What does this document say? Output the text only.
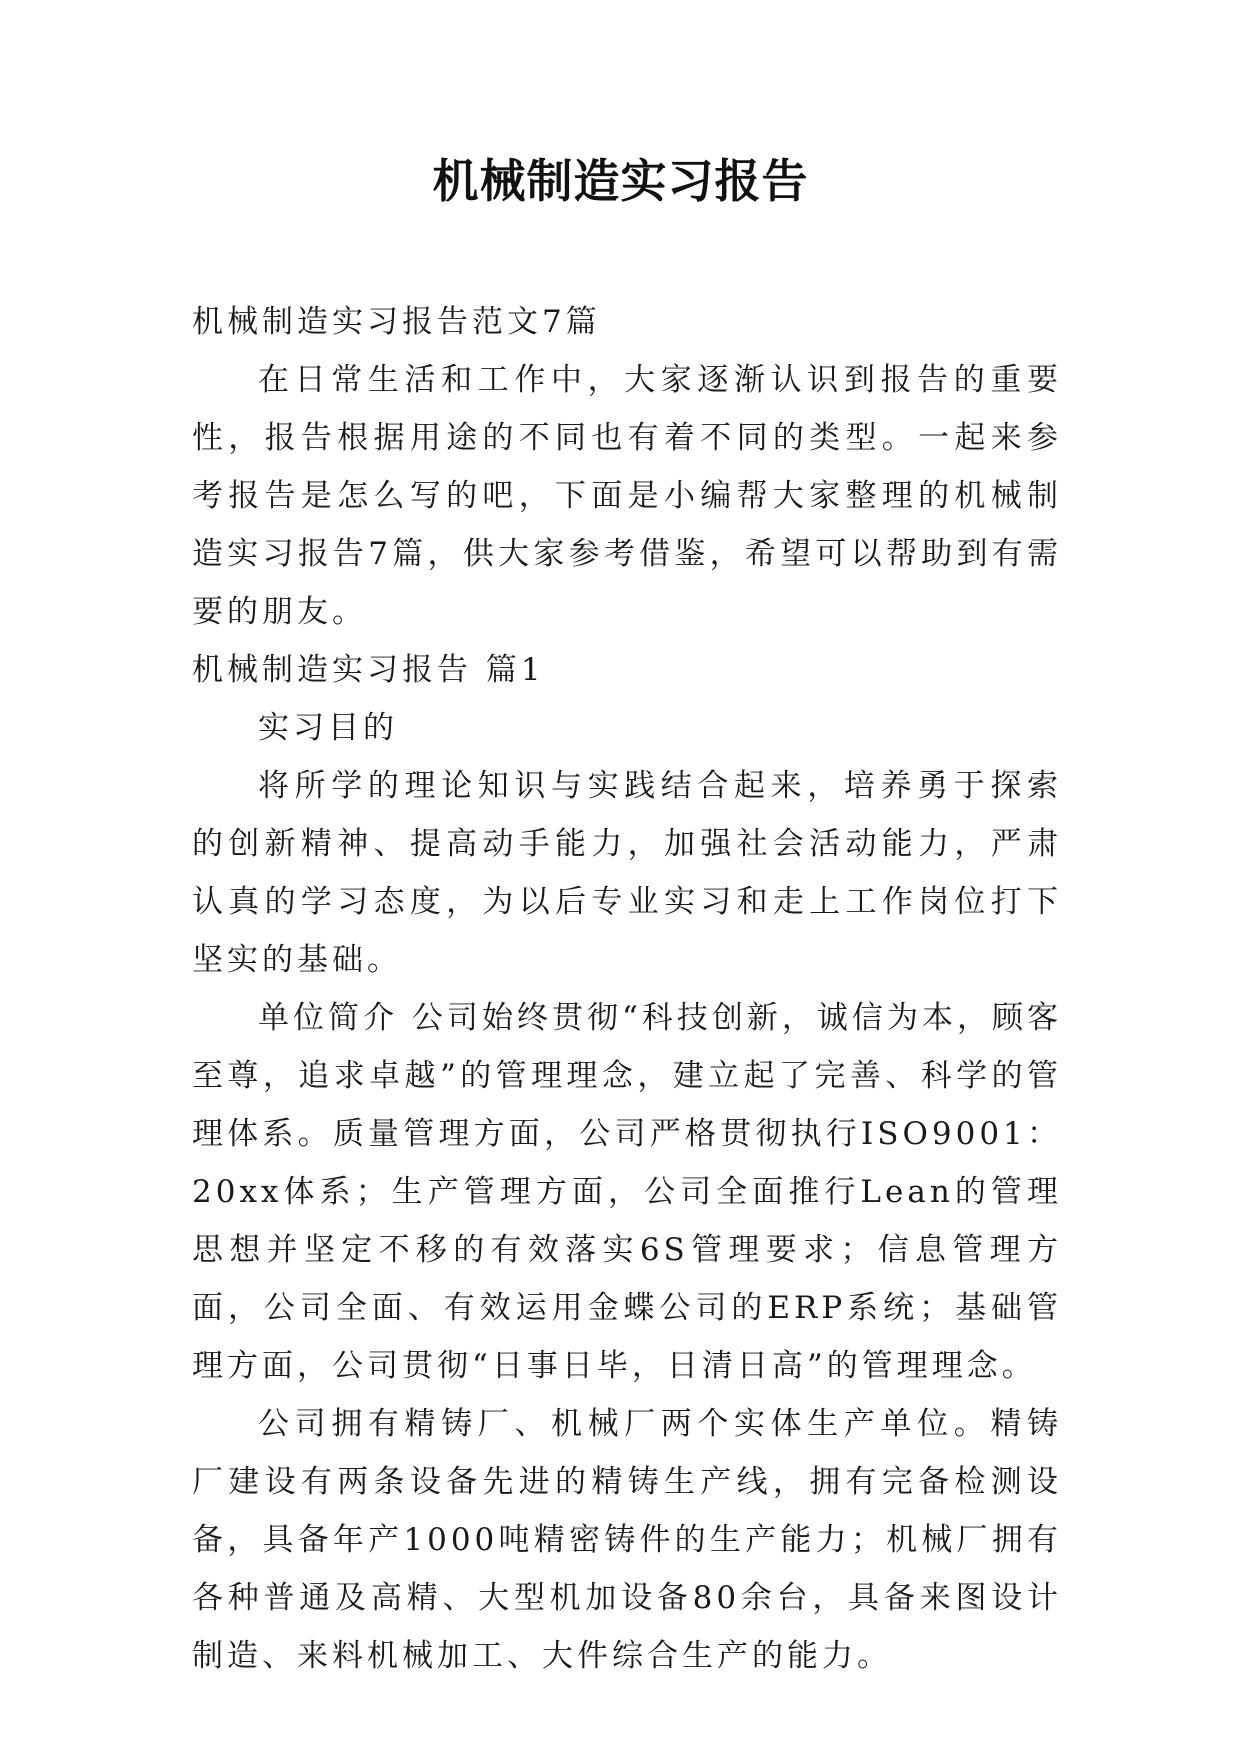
机械制造实习报告

机械制造实习报告范文7篇

在日常生活和工作中，大家逐渐认识到报告的重要性，报告根据用途的不同也有着不同的类型。一起来参考报告是怎么写的吧，下面是小编帮大家整理的机械制造实习报告7篇，供大家参考借鉴，希望可以帮助到有需要的朋友。

机械制造实习报告 篇1

实习目的

将所学的理论知识与实践结合起来，培养勇于探索的创新精神、提高动手能力，加强社会活动能力，严肃认真的学习态度，为以后专业实习和走上工作岗位打下坚实的基础。

单位简介 公司始终贯彻“科技创新，诚信为本，顾客至尊，追求卓越”的管理理念，建立起了完善、科学的管理体系。质量管理方面，公司严格贯彻执行ISO9001：20xx体系；生产管理方面，公司全面推行Lean的管理思想并坚定不移的有效落实6S管理要求；信息管理方面，公司全面、有效运用金蝶公司的ERP系统；基础管理方面，公司贯彻“日事日毕，日清日高”的管理理念。

公司拥有精铸厂、机械厂两个实体生产单位。精铸厂建设有两条设备先进的精铸生产线，拥有完备检测设备，具备年产1000吨精密铸件的生产能力；机械厂拥有各种普通及高精、大型机加设备80余台，具备来图设计制造、来料机械加工、大件综合生产的能力。
